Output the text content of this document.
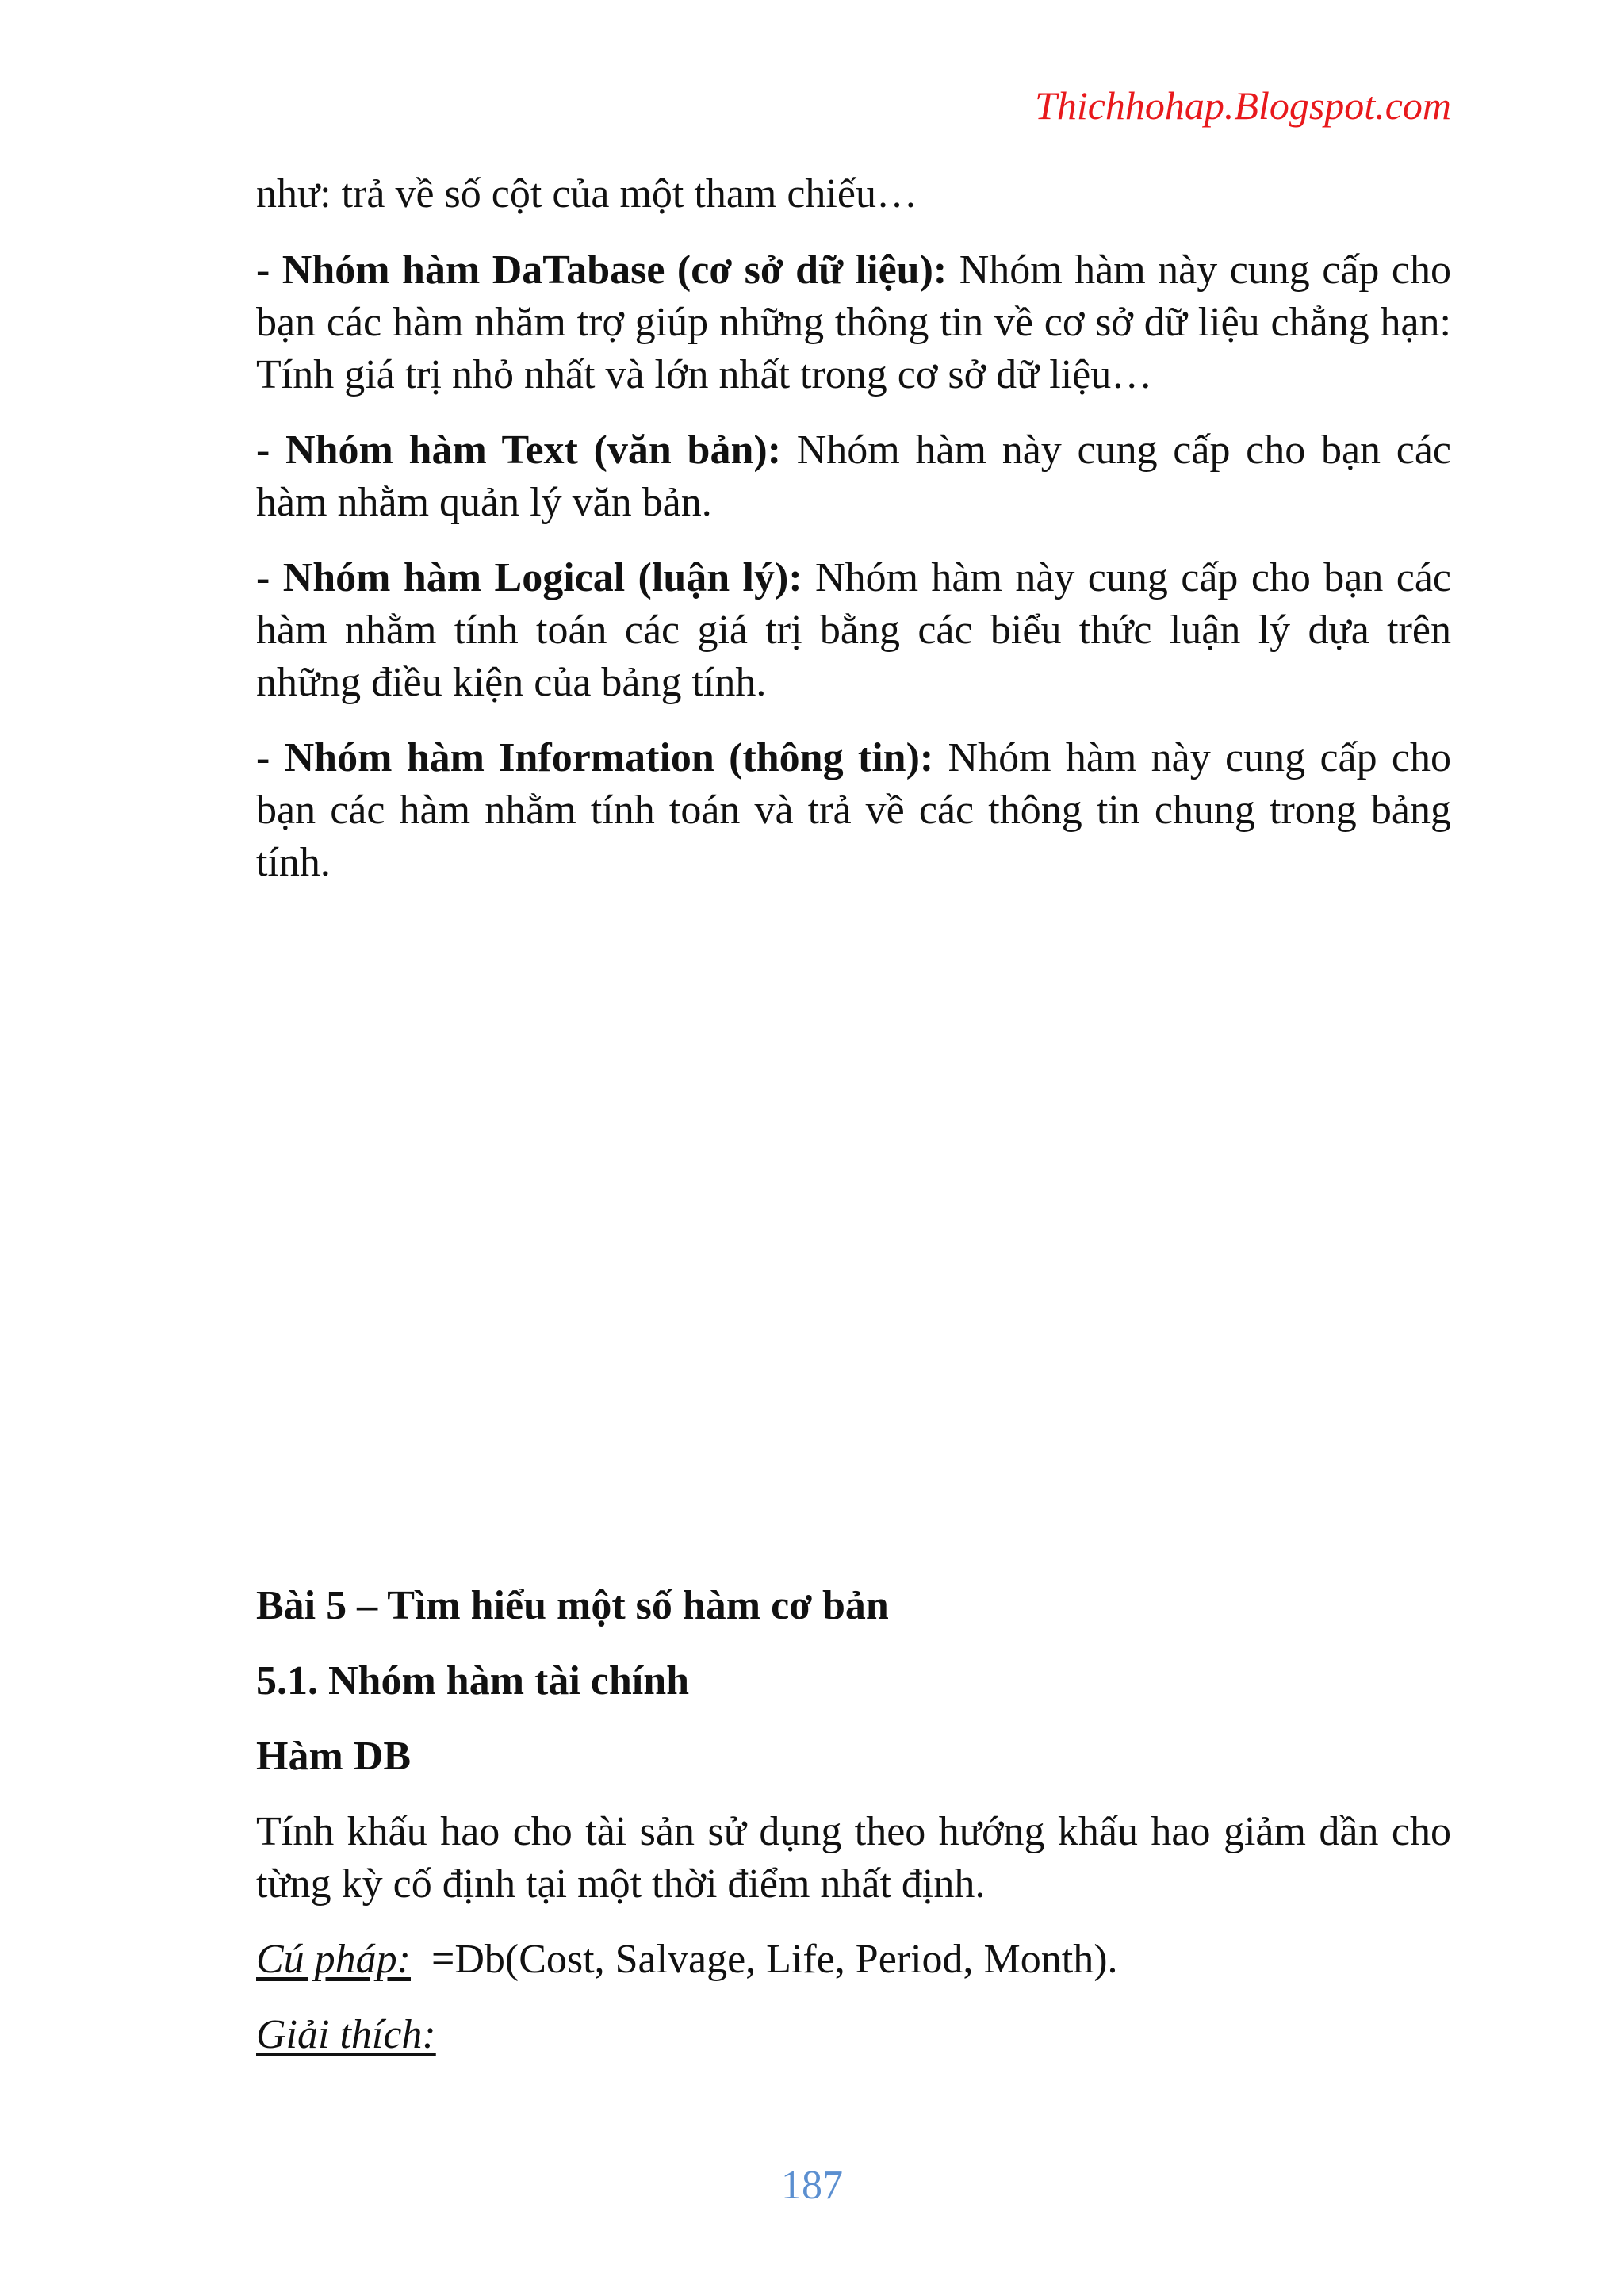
Thichhohap.Blogspot.com

như: trả về số cột của một tham chiếu…

- Nhóm hàm DaTabase (cơ sở dữ liệu): Nhóm hàm này cung cấp cho bạn các hàm nhăm trợ giúp những thông tin về cơ sở dữ liệu chẳng hạn: Tính giá trị nhỏ nhất và lớn nhất trong cơ sở dữ liệu…

- Nhóm hàm Text (văn bản): Nhóm hàm này cung cấp cho bạn các hàm nhằm quản lý văn bản.

- Nhóm hàm Logical (luận lý): Nhóm hàm này cung cấp cho bạn các hàm nhằm tính toán các giá trị bằng các biểu thức luận lý dựa trên những điều kiện của bảng tính.

- Nhóm hàm Information (thông tin): Nhóm hàm này cung cấp cho bạn các hàm nhằm tính toán và trả về các thông tin chung trong bảng tính.

Bài 5 – Tìm hiểu một số hàm cơ bản
5.1. Nhóm hàm tài chính
Hàm DB

Tính khấu hao cho tài sản sử dụng theo hướng khấu hao giảm dần cho từng kỳ cố định tại một thời điểm nhất định.

Cú pháp: =Db(Cost, Salvage, Life, Period, Month).

Giải thích:

187
